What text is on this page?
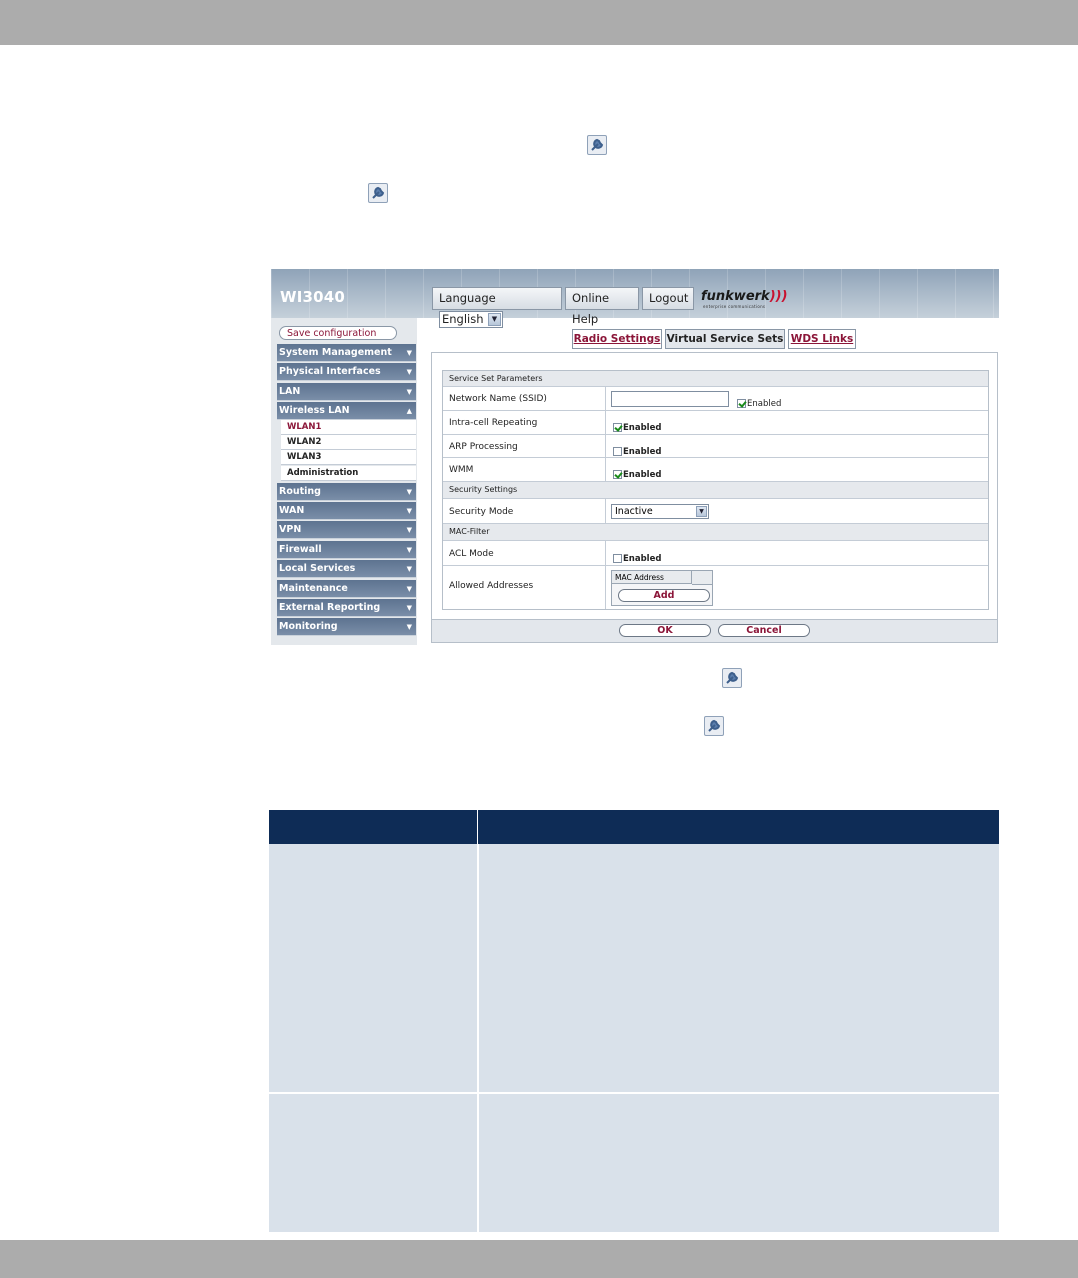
WI3040	Language English	▼
Online Help
Logout funkwerk)))
enterprise communications
Save configuration
System Management ▼
Physical Interfaces	▼
LAN	▼
Wireless LAN	▲
WLAN1
WLAN2
WLAN3
Administration
Routing	▼
WAN	▼
VPN	▼
Firewall	▼
Local Services	▼
Maintenance	▼
External Reporting	▼
Monitoring	▼
Radio Settings Virtual Service Sets WDS Links
Service Set Parameters
Network Name (SSID)	Enabled
Intra-cell Repeating	Enabled
ARP Processing	Enabled
WMM	Enabled
Security Settings
Security Mode	Inactive	▼
MAC-Filter
ACL Mode	Enabled
Allowed Addresses
MAC Address
Add
OK	Cancel
